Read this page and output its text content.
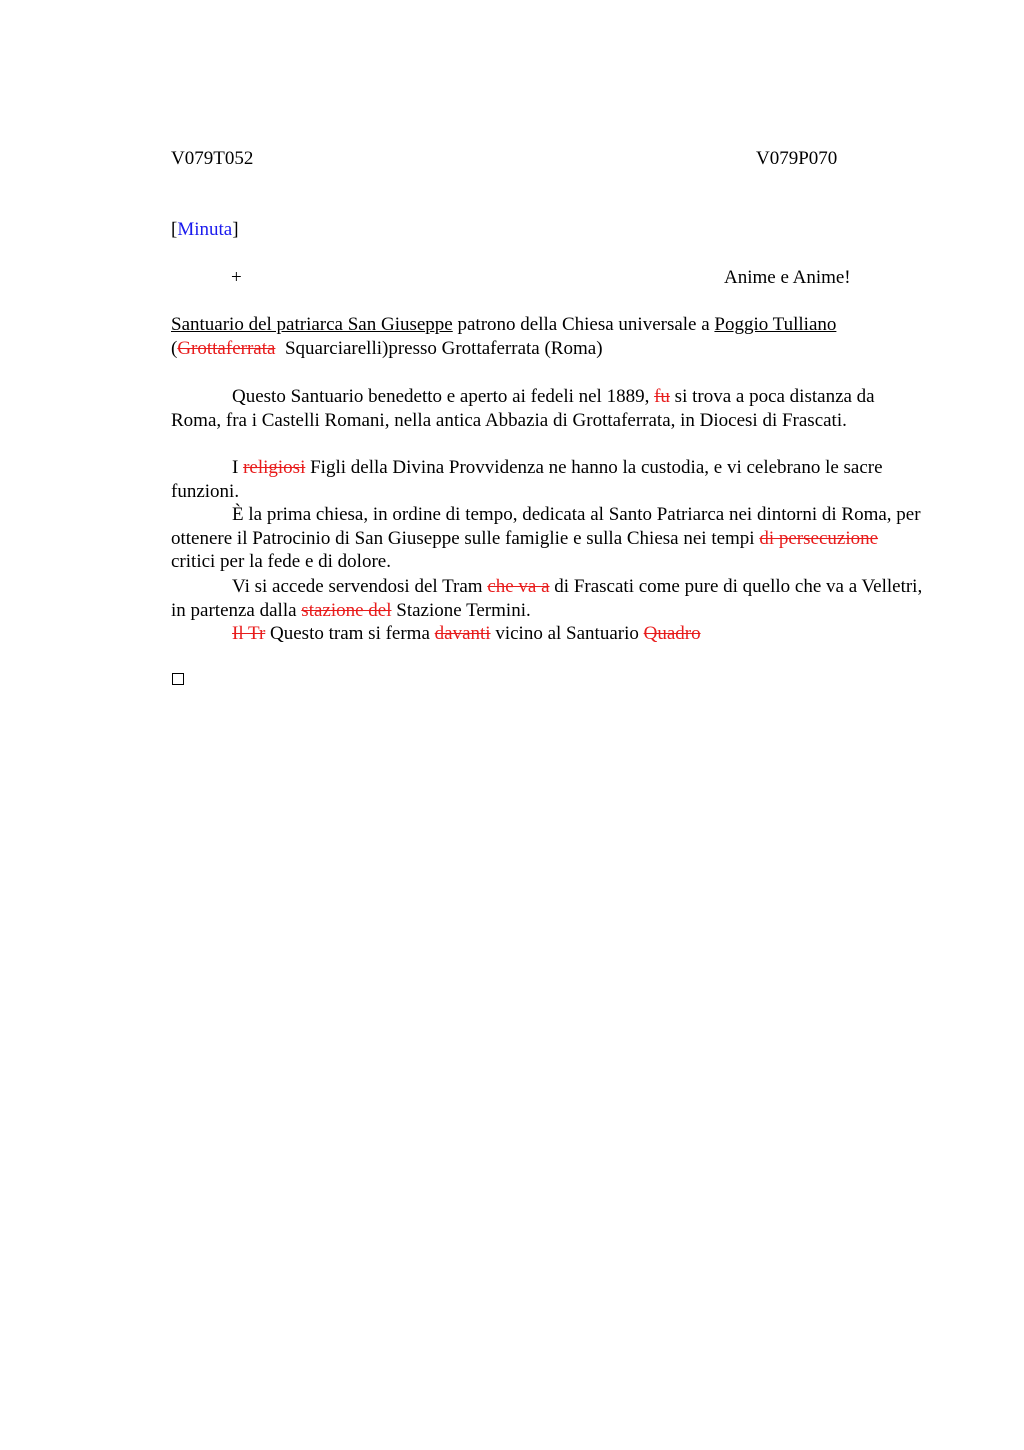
V079T052	V079P070
[Minuta]
+	Anime e Anime!
Santuario del patriarca San Giuseppe patrono della Chiesa universale a Poggio Tulliano
(Grottaferrata  Squarciarelli)presso Grottaferrata (Roma)
Questo Santuario benedetto e aperto ai fedeli nel 1889, fu si trova a poca distanza da Roma, fra i Castelli Romani, nella antica Abbazia di Grottaferrata, in Diocesi di Frascati.
I religiosi Figli della Divina Provvidenza ne hanno la custodia, e vi celebrano le sacre funzioni.
È la prima chiesa, in ordine di tempo, dedicata al Santo Patriarca nei dintorni di Roma, per ottenere il Patrocinio di San Giuseppe sulle famiglie e sulla Chiesa nei tempi di persecuzione critici per la fede e di dolore.
Vi si accede servendosi del Tram che va a di Frascati come pure di quello che va a Velletri, in partenza dalla stazione del Stazione Termini.
Il Tr Questo tram si ferma davanti vicino al Santuario Quadro
